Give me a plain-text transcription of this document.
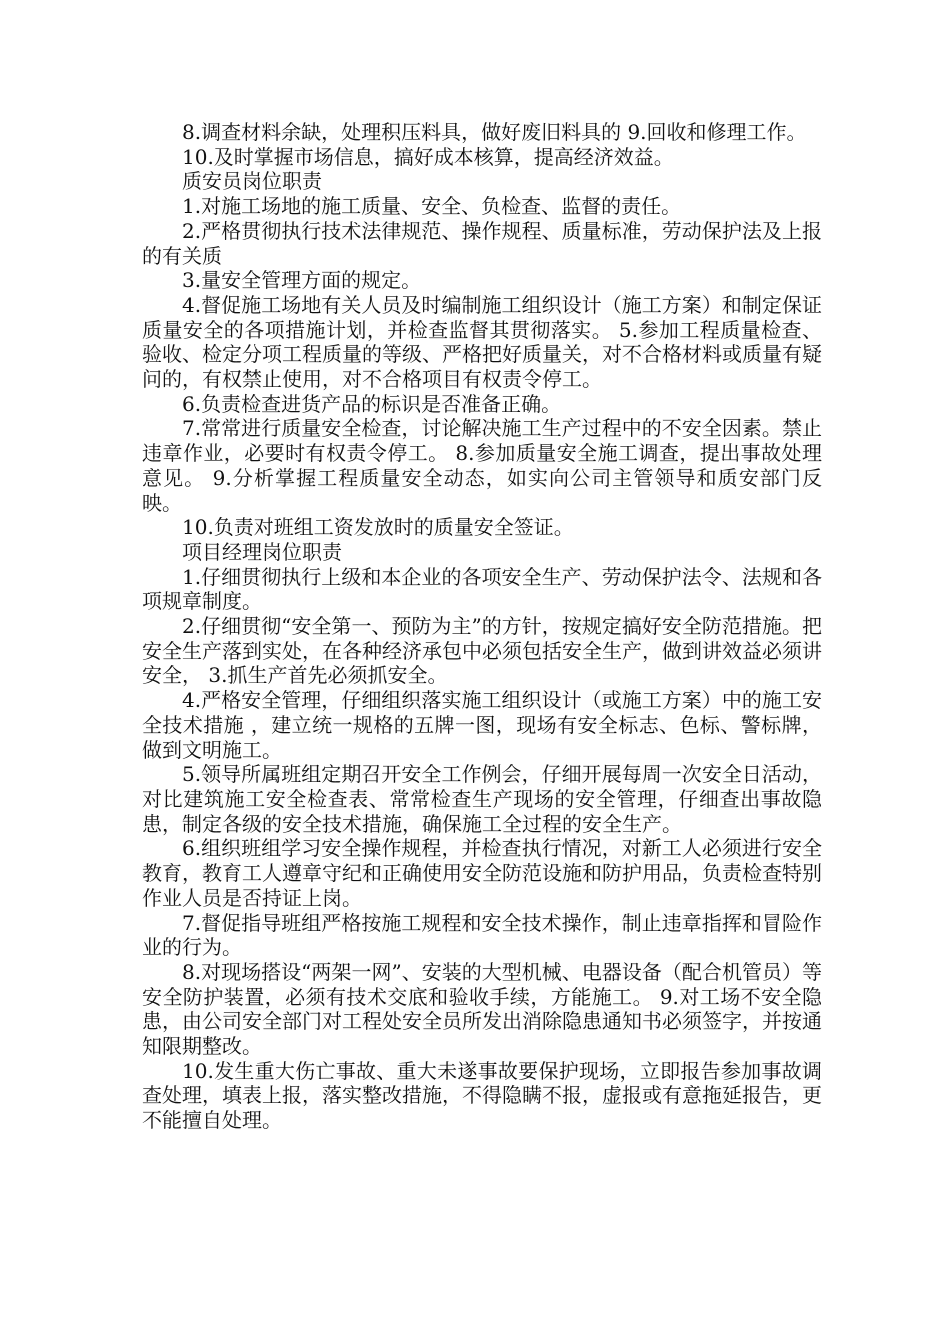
8.调查材料余缺，处理积压料具，做好废旧料具的 9.回收和修理工作。

10.及时掌握市场信息，搞好成本核算，提高经济效益。

质安员岗位职责

1.对施工场地的施工质量、安全、负检查、监督的责任。

2.严格贯彻执行技术法律规范、操作规程、质量标准，劳动保护法及上报的有关质

3.量安全管理方面的规定。

4.督促施工场地有关人员及时编制施工组织设计（施工方案）和制定保证质量安全的各项措施计划，并检查监督其贯彻落实。 5.参加工程质量检查、验收、检定分项工程质量的等级、严格把好质量关，对不合格材料或质量有疑问的，有权禁止使用，对不合格项目有权责令停工。

6.负责检查进货产品的标识是否准备正确。

7.常常进行质量安全检查，讨论解决施工生产过程中的不安全因素。禁止违章作业，必要时有权责令停工。 8.参加质量安全施工调查，提出事故处理意见。 9.分析掌握工程质量安全动态，如实向公司主管领导和质安部门反映。

10.负责对班组工资发放时的质量安全签证。

项目经理岗位职责

1.仔细贯彻执行上级和本企业的各项安全生产、劳动保护法令、法规和各项规章制度。

2.仔细贯彻“安全第一、预防为主”的方针，按规定搞好安全防范措施。把安全生产落到实处，在各种经济承包中必须包括安全生产，做到讲效益必须讲安全， 3.抓生产首先必须抓安全。

4.严格安全管理，仔细组织落实施工组织设计（或施工方案）中的施工安全技术措施 ，建立统一规格的五牌一图，现场有安全标志、色标、警标牌，做到文明施工。

5.领导所属班组定期召开安全工作例会，仔细开展每周一次安全日活动，对比建筑施工安全检查表、常常检查生产现场的安全管理，仔细查出事故隐患，制定各级的安全技术措施，确保施工全过程的安全生产。

6.组织班组学习安全操作规程，并检查执行情况，对新工人必须进行安全教育，教育工人遵章守纪和正确使用安全防范设施和防护用品，负责检查特别作业人员是否持证上岗。

7.督促指导班组严格按施工规程和安全技术操作，制止违章指挥和冒险作业的行为。

8.对现场搭设“两架一网”、安装的大型机械、电器设备（配合机管员）等安全防护装置，必须有技术交底和验收手续，方能施工。 9.对工场不安全隐患，由公司安全部门对工程处安全员所发出消除隐患通知书必须签字，并按通知限期整改。

10.发生重大伤亡事故、重大未遂事故要保护现场，立即报告参加事故调查处理，填表上报，落实整改措施，不得隐瞒不报，虚报或有意拖延报告，更不能擅自处理。
